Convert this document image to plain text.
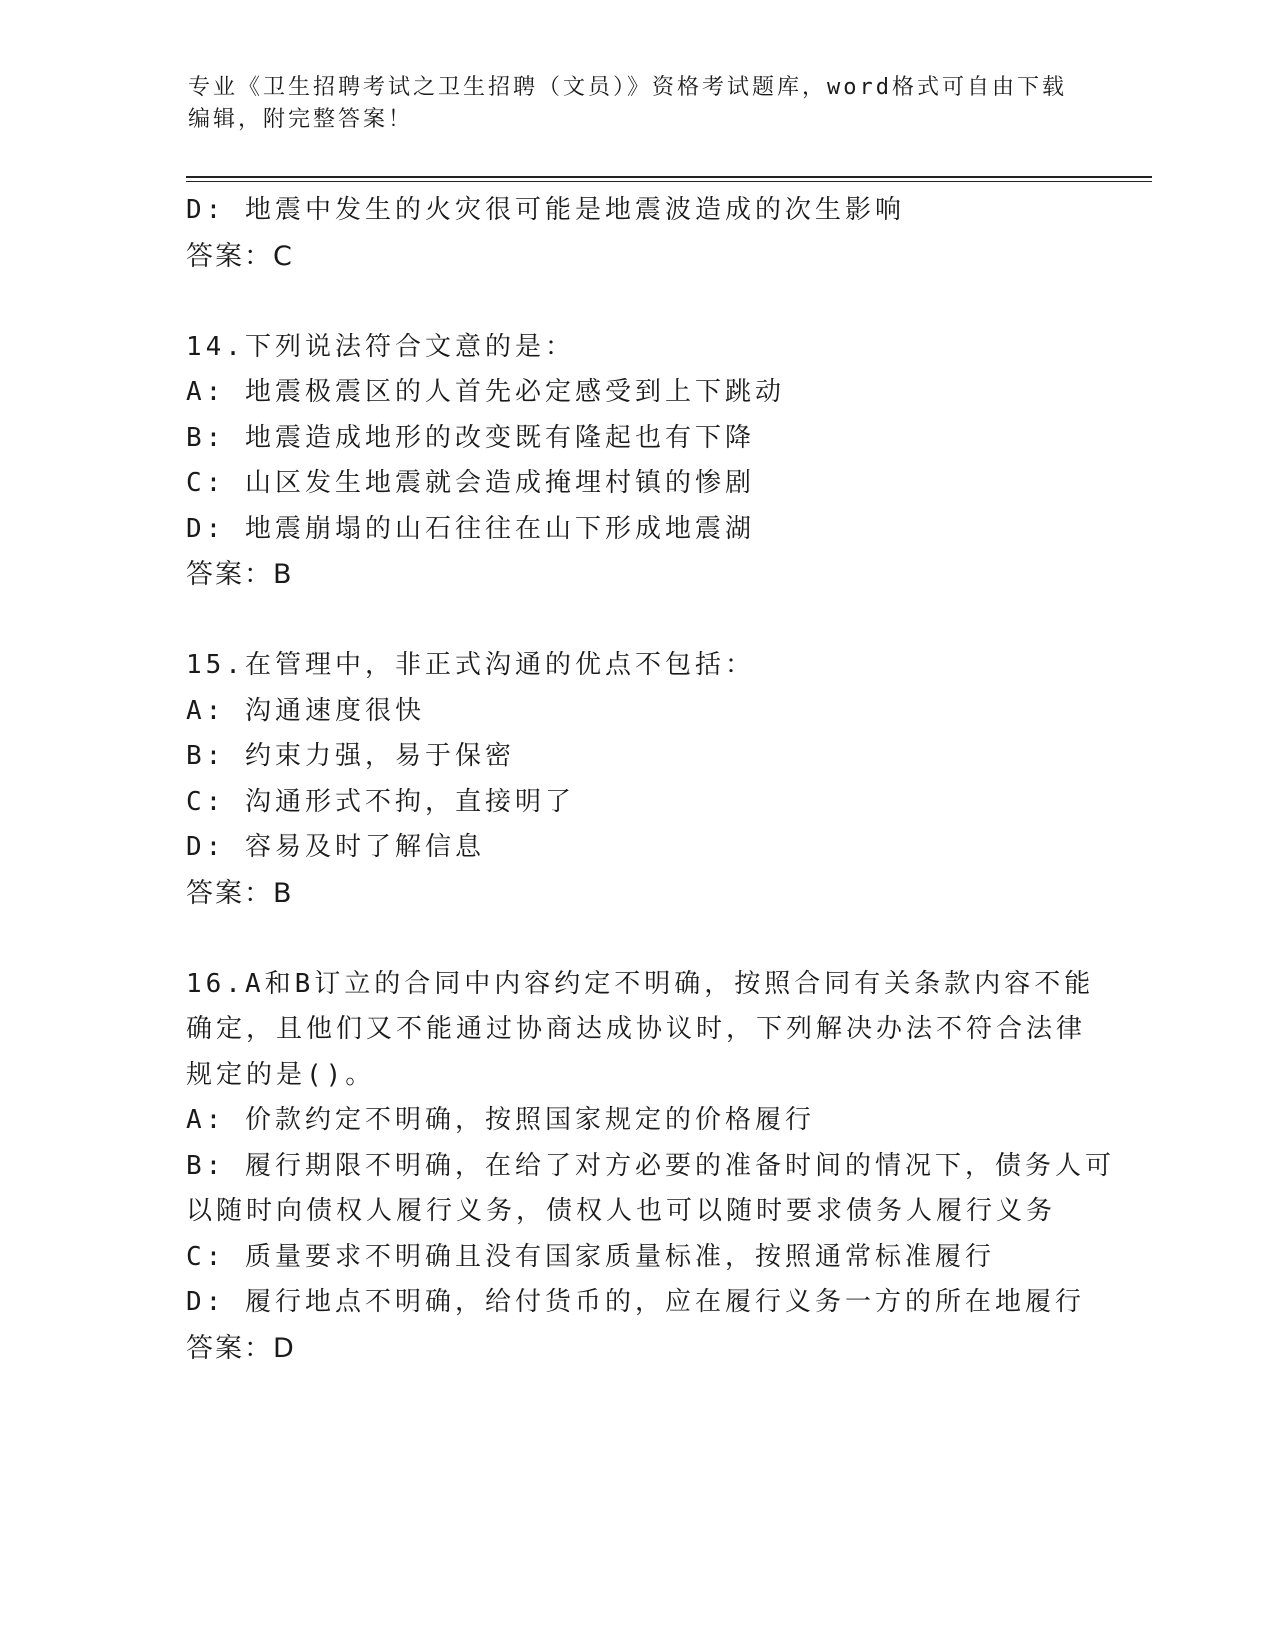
专业《卫生招聘考试之卫生招聘（文员）》资格考试题库，word格式可自由下载
编辑，附完整答案！
D: 地震中发生的火灾很可能是地震波造成的次生影响
答案：C
14.下列说法符合文意的是：
A: 地震极震区的人首先必定感受到上下跳动
B: 地震造成地形的改变既有隆起也有下降
C: 山区发生地震就会造成掩埋村镇的惨剧
D: 地震崩塌的山石往往在山下形成地震湖
答案：B
15.在管理中，非正式沟通的优点不包括：
A: 沟通速度很快
B: 约束力强，易于保密
C: 沟通形式不拘，直接明了
D: 容易及时了解信息
答案：B
16.A和B订立的合同中内容约定不明确，按照合同有关条款内容不能
确定，且他们又不能通过协商达成协议时，下列解决办法不符合法律
规定的是()。
A: 价款约定不明确，按照国家规定的价格履行
B: 履行期限不明确，在给了对方必要的准备时间的情况下，债务人可
以随时向债权人履行义务，债权人也可以随时要求债务人履行义务
C: 质量要求不明确且没有国家质量标准，按照通常标准履行
D: 履行地点不明确，给付货币的，应在履行义务一方的所在地履行
答案：D
